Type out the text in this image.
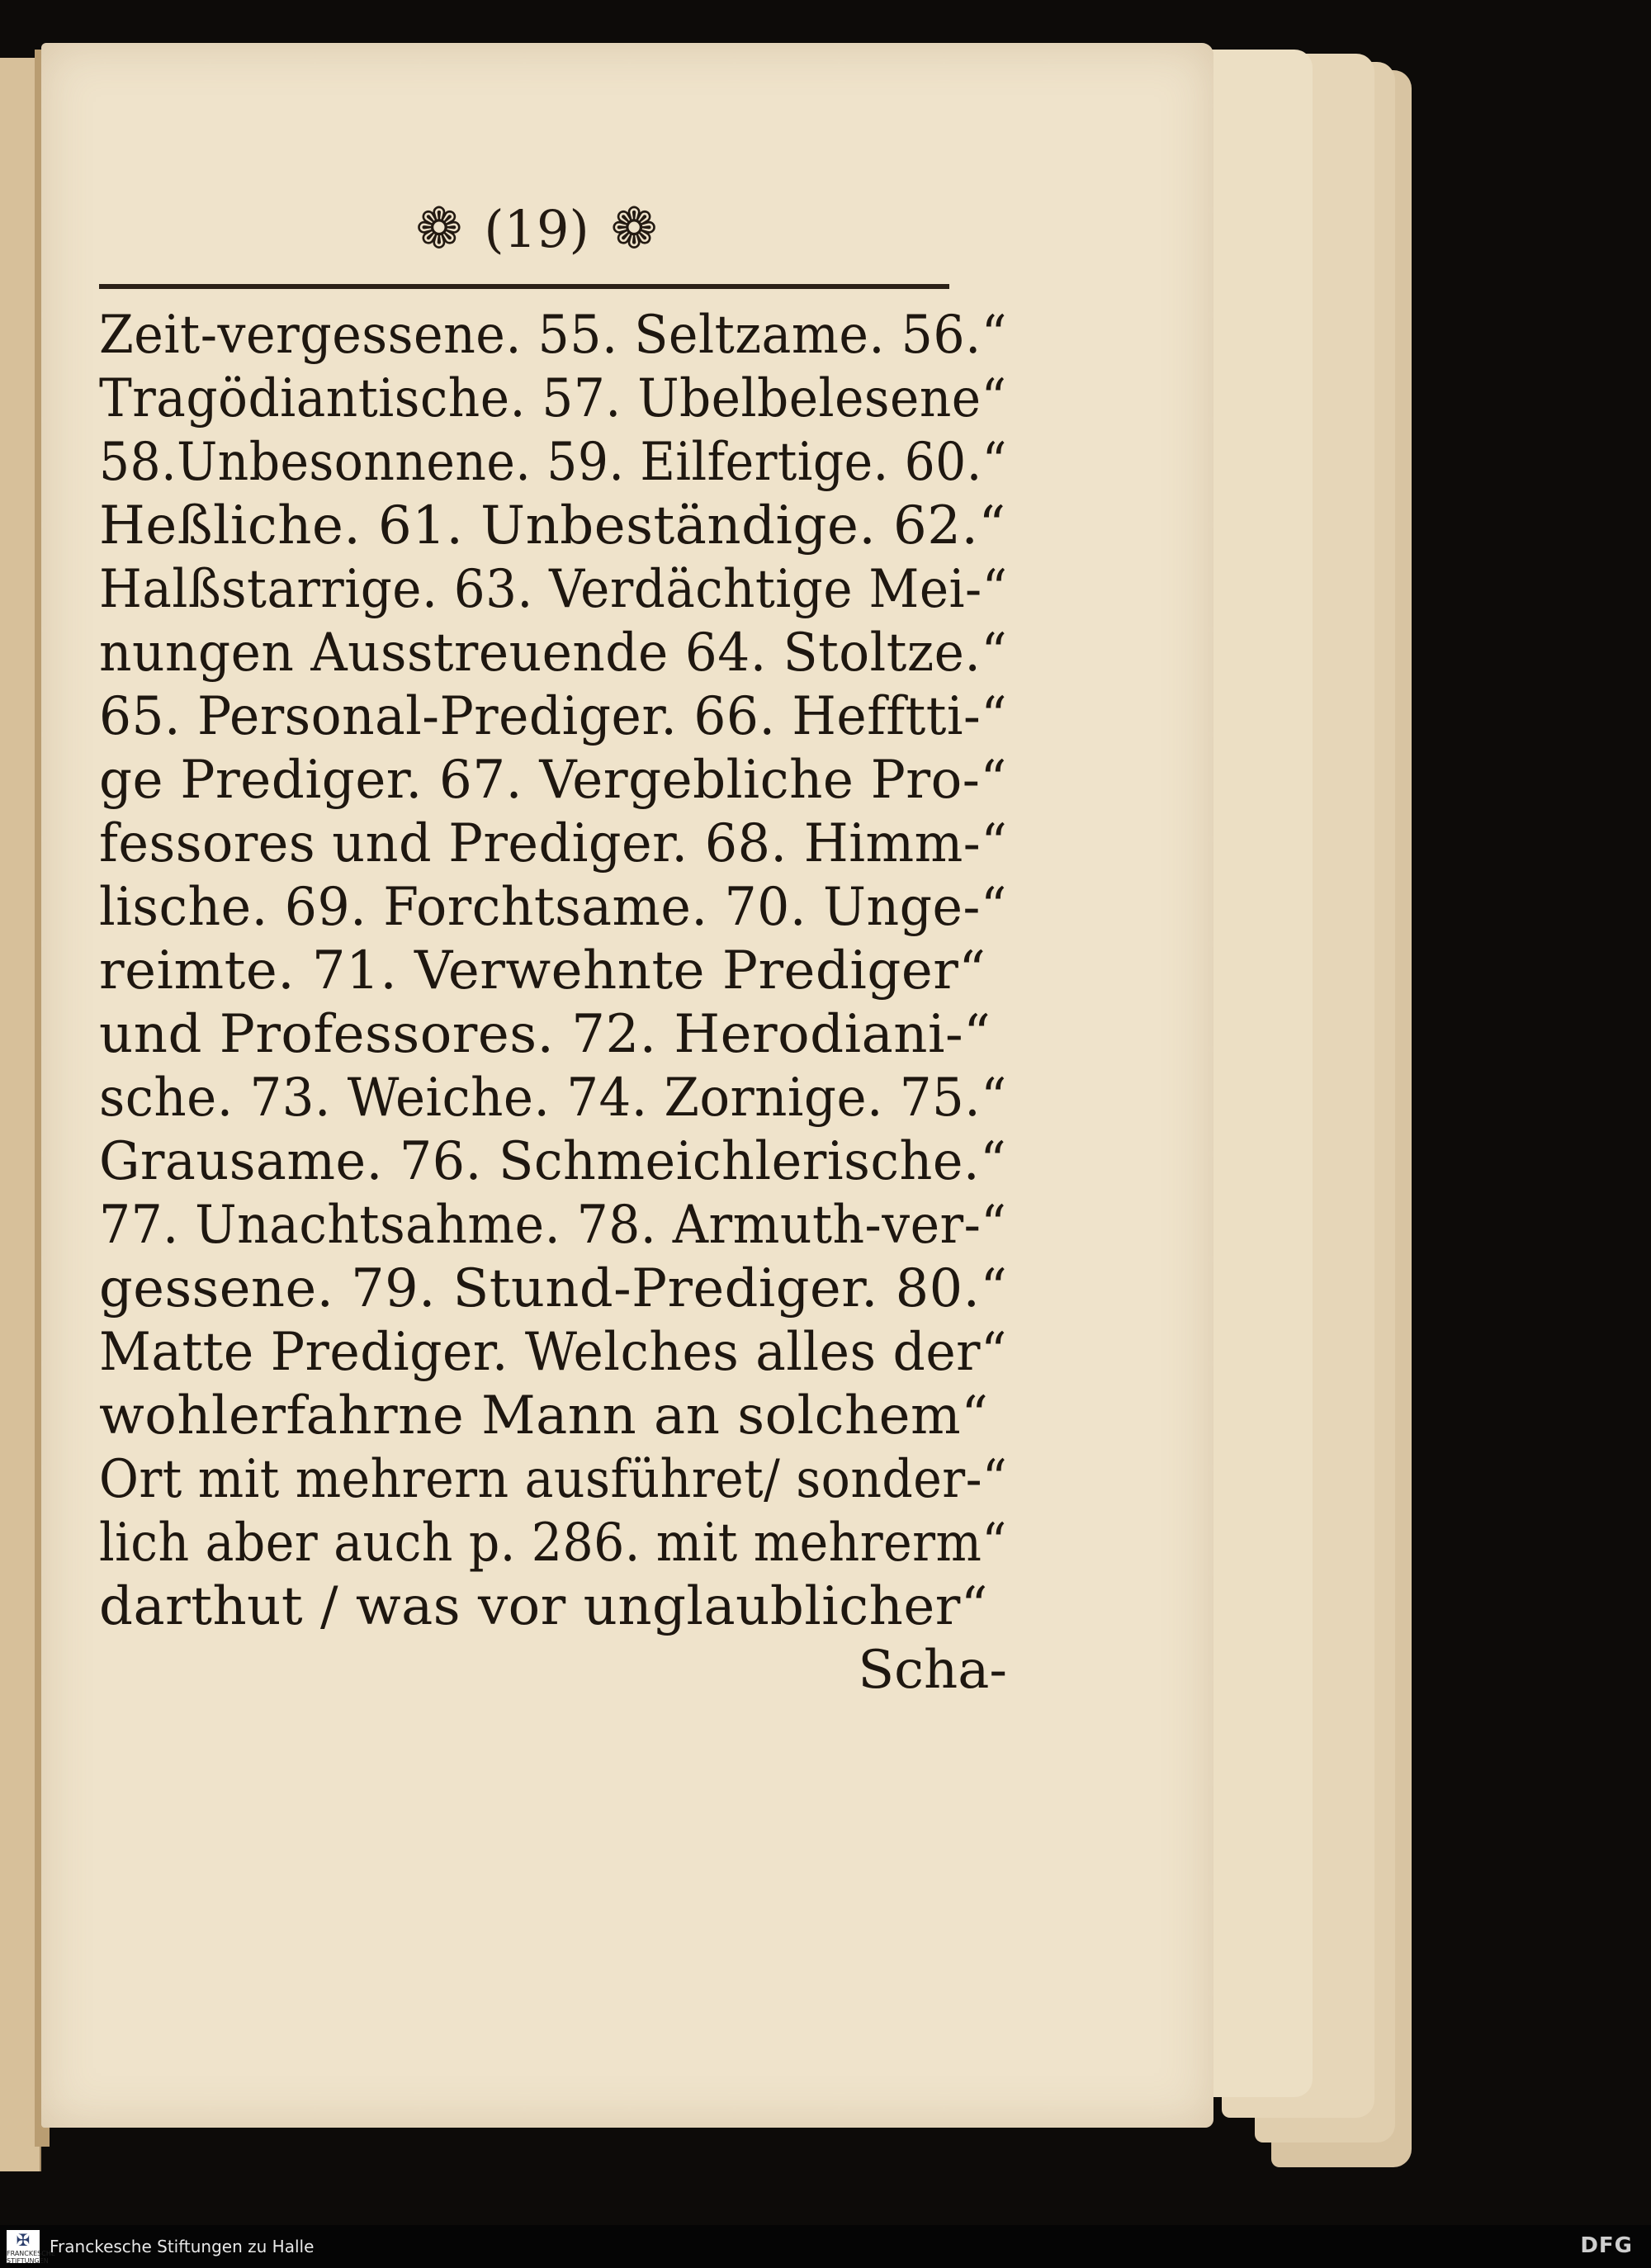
❁ (19) ❁
Zeit-vergessene. 55. Seltzame. 56.“
Tragödiantische. 57. Ubelbelesene“
58.Unbesonnene. 59. Eilfertige. 60.“
Heßliche. 61. Unbeständige. 62.“
Halßstarrige. 63. Verdächtige Mei-“
nungen Ausstreuende 64. Stoltze.“
65. Personal-Prediger. 66. Hefftti-“
ge Prediger. 67. Vergebliche Pro-“
fessores und Prediger. 68. Himm-“
lische. 69. Forchtsame. 70. Unge-“
reimte. 71. Verwehnte Prediger“
und Professores. 72. Herodiani-“
sche. 73. Weiche. 74. Zornige. 75.“
Grausame. 76. Schmeichlerische.“
77. Unachtsahme. 78. Armuth-ver-“
gessene. 79. Stund-Prediger. 80.“
Matte Prediger. Welches alles der“
wohlerfahrne Mann an solchem“
Ort mit mehrern ausführet/ sonder-“
lich aber auch p. 286. mit mehrerm“
darthut / was vor unglaublicher“
Scha-
✠
FRANCKESCHE STIFTUNGEN
Franckesche Stiftungen zu Halle	DFG
